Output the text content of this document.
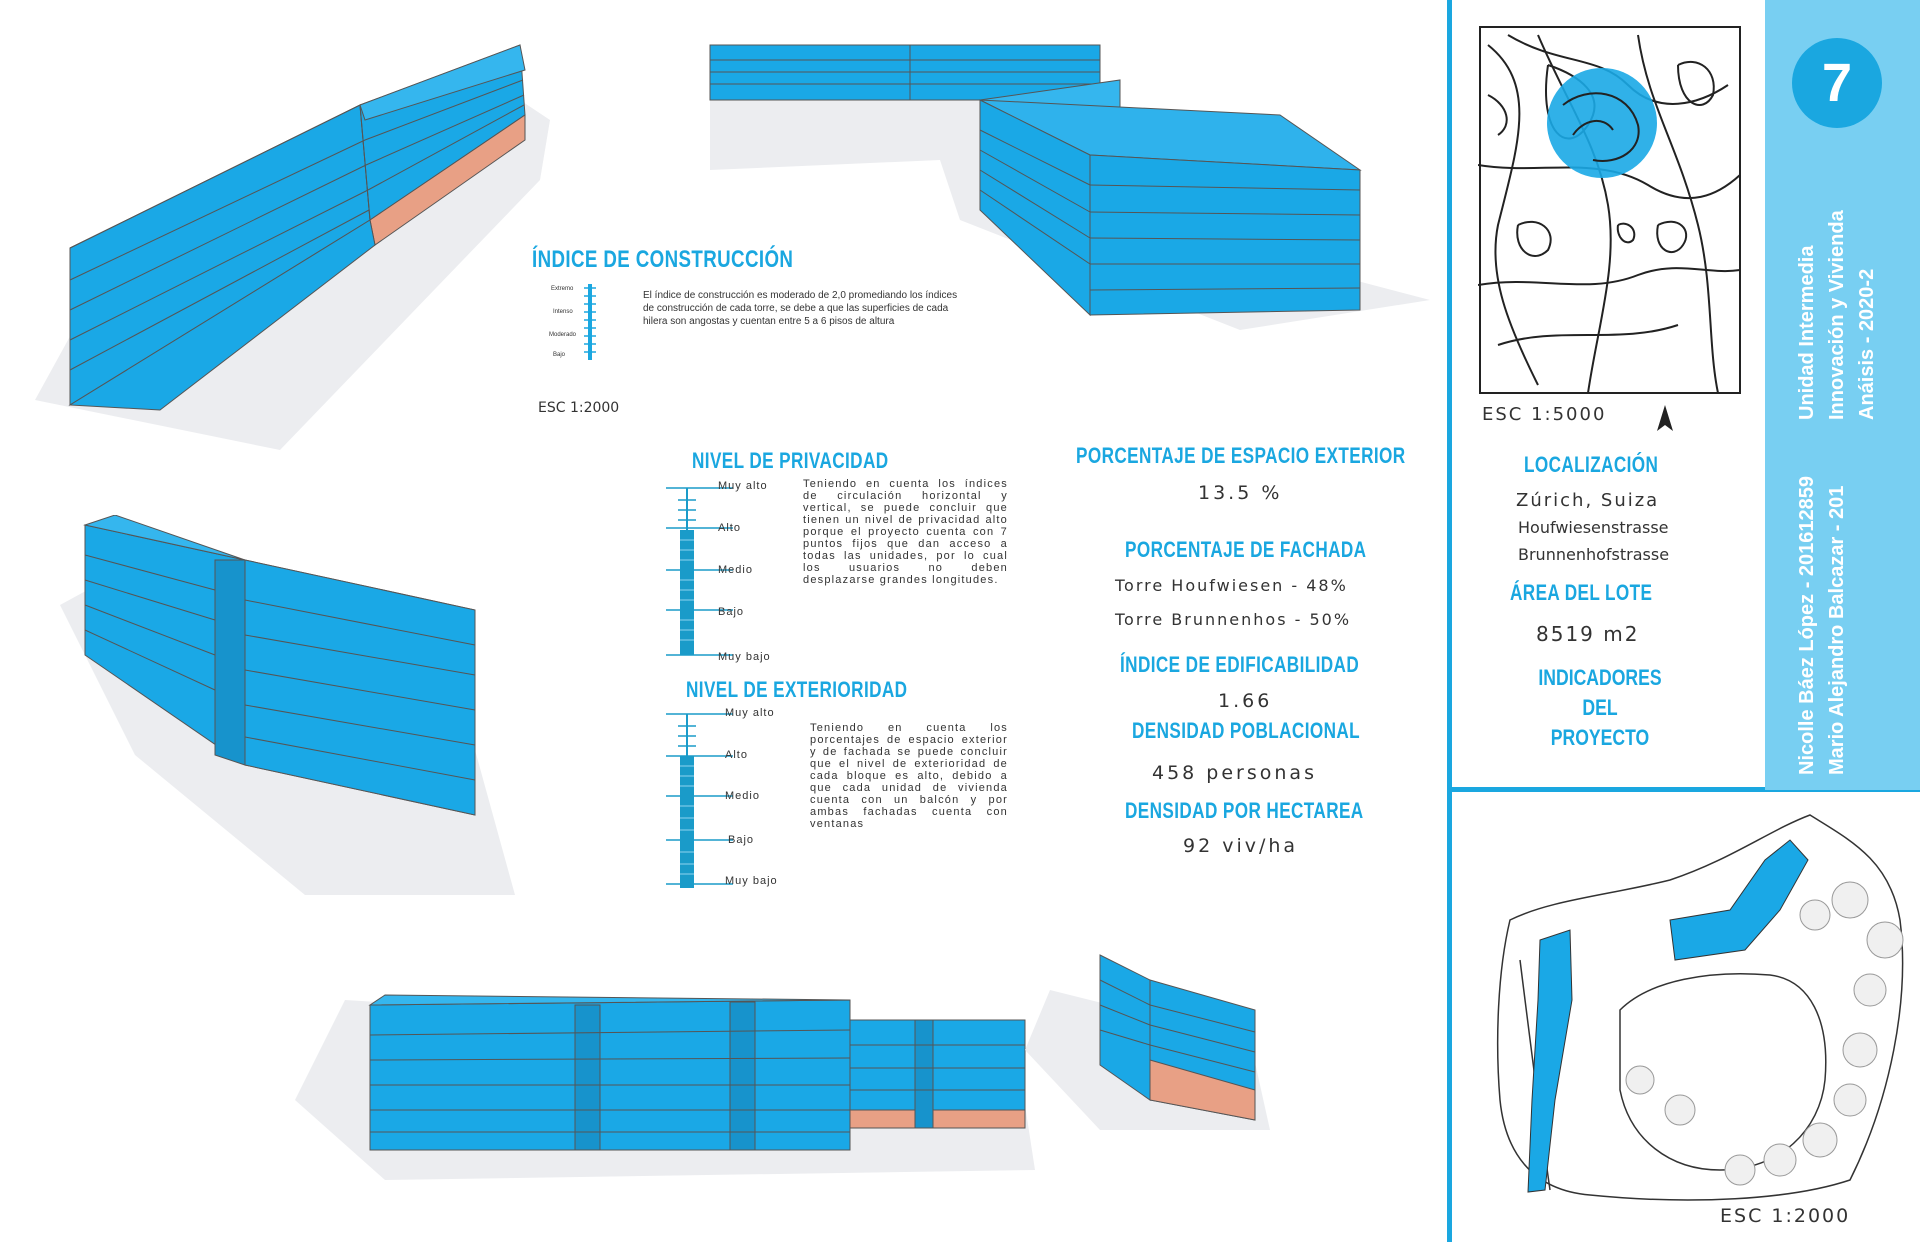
ÍNDICE DE CONSTRUCCIÓN
Extremo
Intenso
Moderado
Bajo
El índice de construcción es moderado de 2,0 promediando los índices de construcción de cada torre, se debe a que las superficies de cada hilera son angostas y cuentan entre 5 a 6 pisos de altura
ESC 1:2000
NIVEL DE PRIVACIDAD
Muy alto
Alto
Medio
Bajo
Muy bajo
Teniendo en cuenta los índices de circulación horizontal y vertical, se puede concluir que tienen un nivel de privacidad alto porque el proyecto cuenta con 7 puntos fijos que dan acceso a todas las unidades, por lo cual los usuarios no deben desplazarse grandes longitudes.
NIVEL DE EXTERIORIDAD
Muy alto
Alto
Medio
Bajo
Muy bajo
Teniendo en cuenta los porcentajes de espacio exterior y de fachada se puede concluir que el nivel de exterioridad de cada bloque es alto, debido a que cada unidad de vivienda cuenta con un balcón y por ambas fachadas cuenta con ventanas
PORCENTAJE DE ESPACIO EXTERIOR
13.5 %
PORCENTAJE DE FACHADA
Torre Houfwiesen - 48%
Torre Brunnenhos - 50%
ÍNDICE DE EDIFICABILIDAD
1.66
DENSIDAD POBLACIONAL
458 personas
DENSIDAD POR HECTAREA
92 viv/ha
ESC 1:5000
LOCALIZACIÓN
Zúrich, Suiza
Houfwiesenstrasse
Brunnenhofstrasse
ÁREA DEL LOTE
8519 m2
INDICADORES
DEL
PROYECTO
7
Unidad Intermedia Innovación y Vivienda Anáisis - 2020-2
Nicolle Báez López - 201612859 Mario Alejandro Balcazar - 201
ESC 1:2000
